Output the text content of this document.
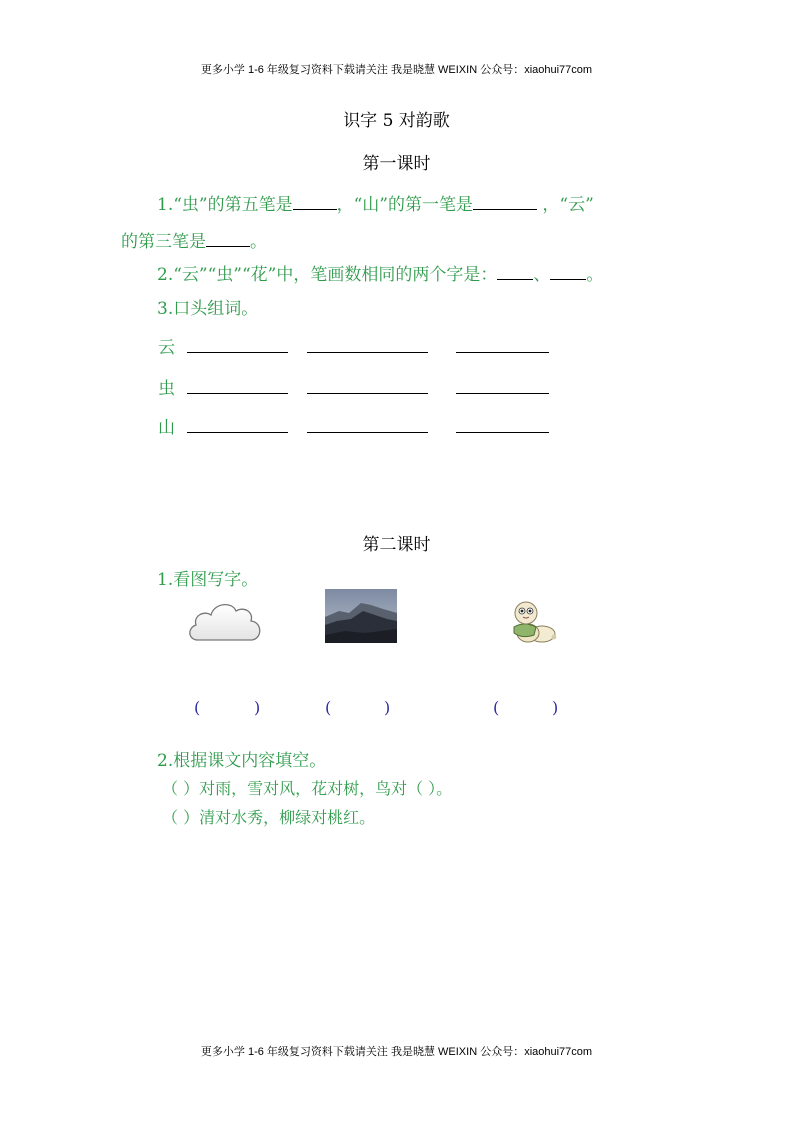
更多小学 1-6 年级复习资料下载请关注 我是晓慧 WEIXIN 公众号：xiaohui77com
识字 5 对韵歌
第一课时
1.“虫”的第五笔是	，“山”的第一笔是	，“云”
的第三笔是	。
2.“云”“虫”“花”中，笔画数相同的两个字是： 、 。
3.口头组词。
云
虫
山
第二课时
1.看图写字。
(	)	(	)	(	)
2.根据课文内容填空。
（ ）对雨，雪对风，花对树，鸟对（ ）。
（ ）清对水秀，柳绿对桃红。
更多小学 1-6 年级复习资料下载请关注 我是晓慧 WEIXIN 公众号：xiaohui77com
